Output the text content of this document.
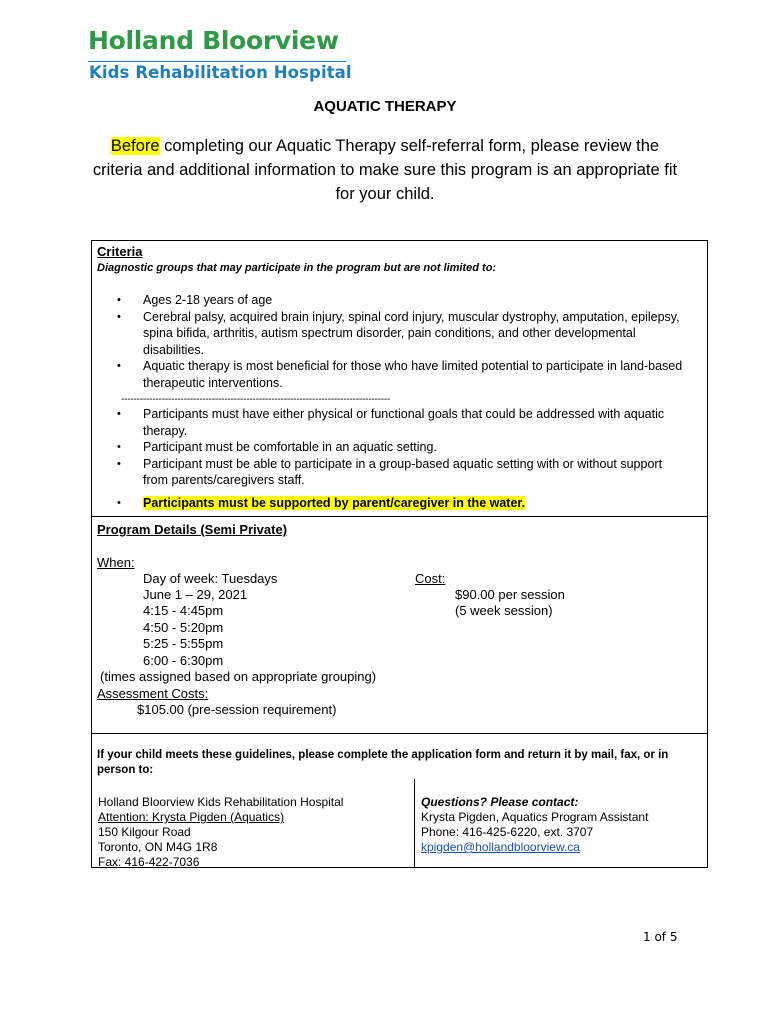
Holland Bloorview
Kids Rehabilitation Hospital
AQUATIC THERAPY
Before completing our Aquatic Therapy self-referral form, please review the criteria and additional information to make sure this program is an appropriate fit for your child.
Criteria
Diagnostic groups that may participate in the program but are not limited to:
• Ages 2-18 years of age
• Cerebral palsy, acquired brain injury, spinal cord injury, muscular dystrophy, amputation, epilepsy, spina bifida, arthritis, autism spectrum disorder, pain conditions, and other developmental disabilities.
• Aquatic therapy is most beneficial for those who have limited potential to participate in land-based therapeutic interventions.
--------------------------------------------------------------------------------------
• Participants must have either physical or functional goals that could be addressed with aquatic therapy.
• Participant must be comfortable in an aquatic setting.
• Participant must be able to participate in a group-based aquatic setting with or without support from parents/caregivers staff.
• Participants must be supported by parent/caregiver in the water.
Program Details (Semi Private)
When:
Day of week: Tuesdays
June 1 – 29, 2021
4:15 - 4:45pm
4:50 - 5:20pm
5:25 - 5:55pm
6:00 - 6:30pm
(times assigned based on appropriate grouping)
Assessment Costs:
$105.00 (pre-session requirement)
Cost:
$90.00 per session
(5 week session)
If your child meets these guidelines, please complete the application form and return it by mail, fax, or in person to:
Holland Bloorview Kids Rehabilitation Hospital
Attention: Krysta Pigden (Aquatics)
150 Kilgour Road
Toronto, ON M4G 1R8
Fax: 416-422-7036
Questions? Please contact:
Krysta Pigden, Aquatics Program Assistant
Phone: 416-425-6220, ext. 3707
kpigden@hollandbloorview.ca
1 of 5
